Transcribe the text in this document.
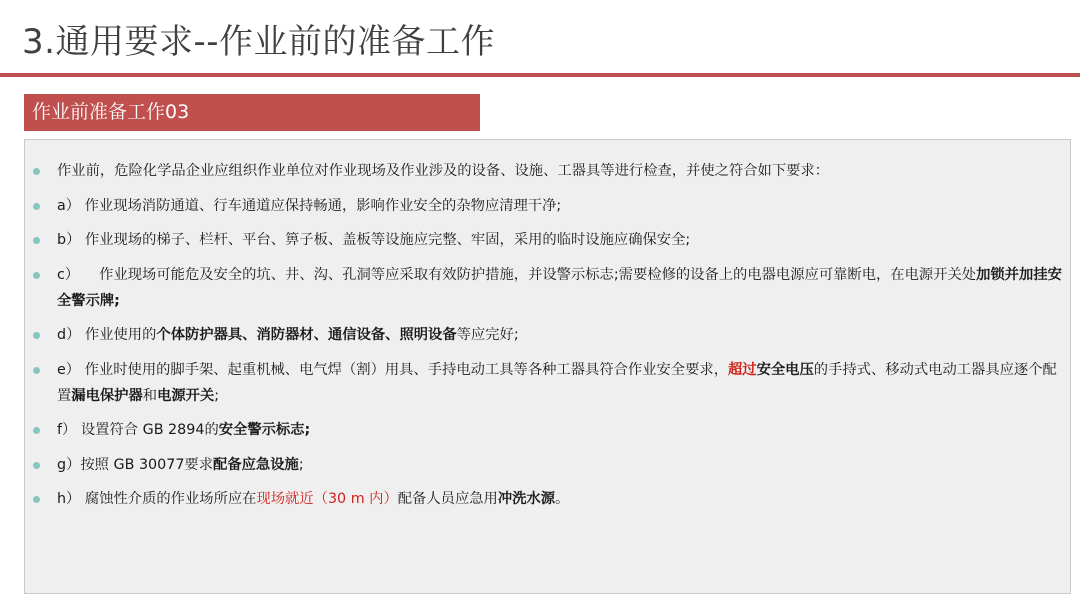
3.通用要求--作业前的准备工作
作业前准备工作03
作业前，危险化学品企业应组织作业单位对作业现场及作业涉及的设备、设施、工器具等进行检查，并使之符合如下要求：
a） 作业现场消防通道、行车通道应保持畅通，影响作业安全的杂物应清理干净;
b） 作业现场的梯子、栏杆、平台、箅子板、盖板等设施应完整、牢固，采用的临时设施应确保安全;
c） 作业现场可能危及安全的坑、井、沟、孔洞等应采取有效防护措施，并设警示标志;需要检修的设备上的电器电源应可靠断电，在电源开关处加锁并加挂安全警示牌;
d） 作业使用的个体防护器具、消防器材、通信设备、照明设备等应完好;
e） 作业时使用的脚手架、起重机械、电气焊（割）用具、手持电动工具等各种工器具符合作业安全要求，超过安全电压的手持式、移动式电动工器具应逐个配置漏电保护器和电源开关;
f） 设置符合 GB 2894的安全警示标志;
g）按照 GB 30077要求配备应急设施;
h） 腐蚀性介质的作业场所应在现场就近（30 m 内）配备人员应急用冲洗水源。
